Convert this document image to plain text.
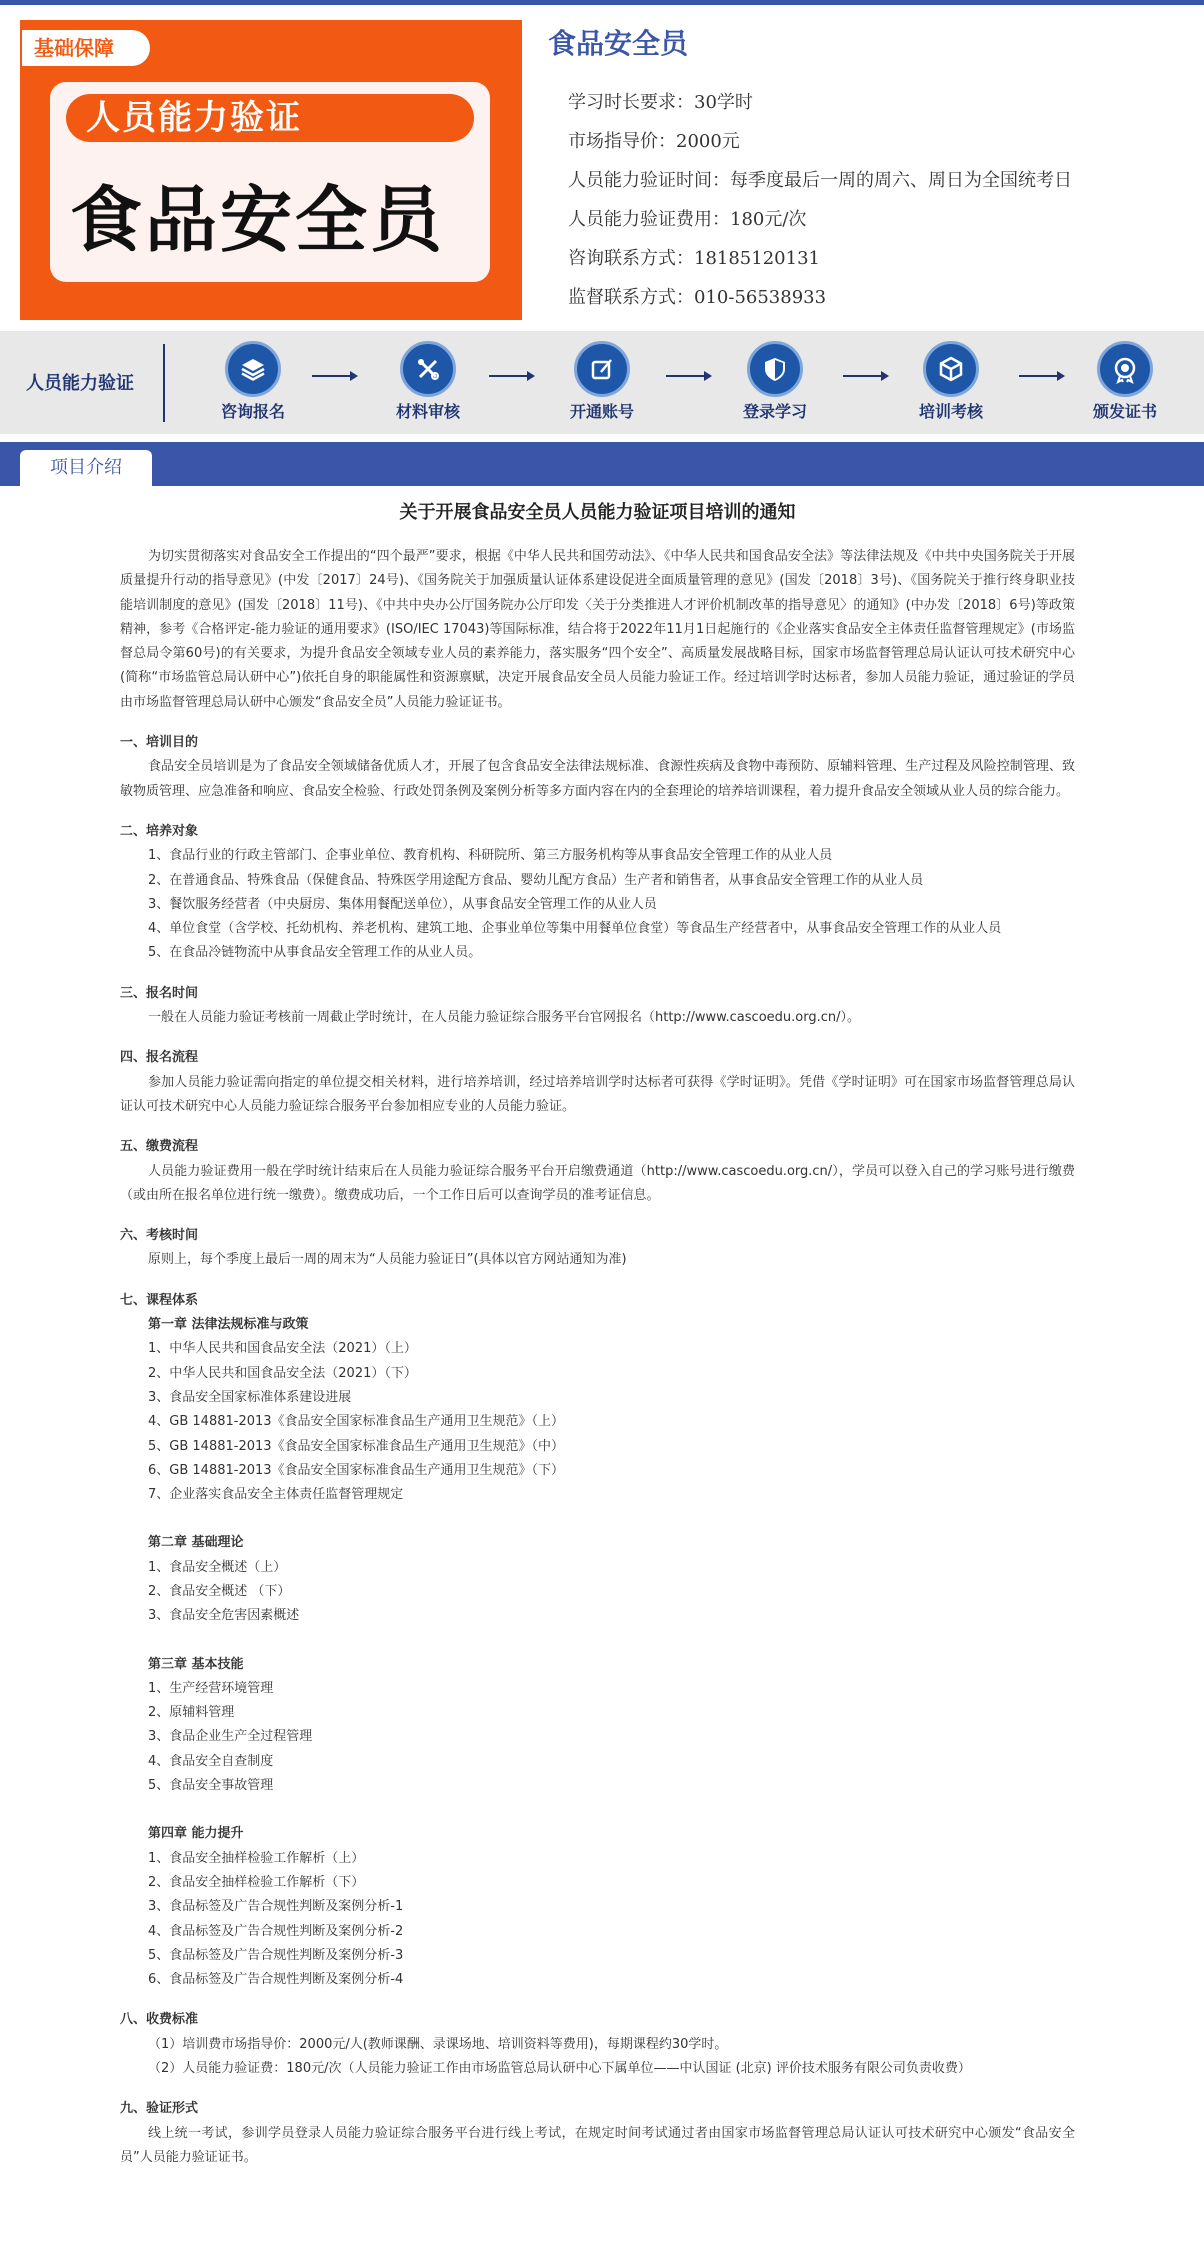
基础保障
人员能力验证
食品安全员
食品安全员
学习时长要求：30学时
市场指导价：2000元
人员能力验证时间：每季度最后一周的周六、周日为全国统考日
人员能力验证费用：180元/次
咨询联系方式：18185120131
监督联系方式：010-56538933
人员能力验证
咨询报名	材料审核	开通账号	登录学习	培训考核	颁发证书
项目介绍
关于开展食品安全员人员能力验证项目培训的通知
为切实贯彻落实对食品安全工作提出的“四个最严”要求，根据《中华人民共和国劳动法》、《中华人民共和国食品安全法》等法律法规及《中共中央国务院关于开展质量提升行动的指导意见》(中发〔2017〕24号)、《国务院关于加强质量认证体系建设促进全面质量管理的意见》(国发〔2018〕3号)、《国务院关于推行终身职业技能培训制度的意见》(国发〔2018〕11号)、《中共中央办公厅国务院办公厅印发〈关于分类推进人才评价机制改革的指导意见〉的通知》(中办发〔2018〕6号)等政策精神，参考《合格评定-能力验证的通用要求》(ISO/IEC 17043)等国际标准，结合将于2022年11月1日起施行的《企业落实食品安全主体责任监督管理规定》(市场监督总局令第60号)的有关要求，为提升食品安全领域专业人员的素养能力，落实服务“四个安全”、高质量发展战略目标，国家市场监督管理总局认证认可技术研究中心(简称“市场监管总局认研中心”)依托自身的职能属性和资源禀赋，决定开展食品安全员人员能力验证工作。经过培训学时达标者，参加人员能力验证，通过验证的学员由市场监督管理总局认研中心颁发“食品安全员”人员能力验证证书。
一、培训目的
食品安全员培训是为了食品安全领域储备优质人才，开展了包含食品安全法律法规标准、食源性疾病及食物中毒预防、原辅料管理、生产过程及风险控制管理、致敏物质管理、应急准备和响应、食品安全检验、行政处罚条例及案例分析等多方面内容在内的全套理论的培养培训课程，着力提升食品安全领域从业人员的综合能力。
二、培养对象
1、食品行业的行政主管部门、企事业单位、教育机构、科研院所、第三方服务机构等从事食品安全管理工作的从业人员
2、在普通食品、特殊食品（保健食品、特殊医学用途配方食品、婴幼儿配方食品）生产者和销售者，从事食品安全管理工作的从业人员
3、餐饮服务经营者（中央厨房、集体用餐配送单位），从事食品安全管理工作的从业人员
4、单位食堂（含学校、托幼机构、养老机构、建筑工地、企事业单位等集中用餐单位食堂）等食品生产经营者中，从事食品安全管理工作的从业人员
5、在食品冷链物流中从事食品安全管理工作的从业人员。
三、报名时间
一般在人员能力验证考核前一周截止学时统计，在人员能力验证综合服务平台官网报名（http://www.cascoedu.org.cn/）。
四、报名流程
参加人员能力验证需向指定的单位提交相关材料，进行培养培训，经过培养培训学时达标者可获得《学时证明》。凭借《学时证明》可在国家市场监督管理总局认证认可技术研究中心人员能力验证综合服务平台参加相应专业的人员能力验证。
五、缴费流程
人员能力验证费用一般在学时统计结束后在人员能力验证综合服务平台开启缴费通道（http://www.cascoedu.org.cn/），学员可以登入自己的学习账号进行缴费（或由所在报名单位进行统一缴费）。缴费成功后，一个工作日后可以查询学员的准考证信息。
六、考核时间
原则上，每个季度上最后一周的周末为“人员能力验证日”(具体以官方网站通知为准)
七、课程体系
第一章 法律法规标准与政策
1、中华人民共和国食品安全法（2021）（上）
2、中华人民共和国食品安全法（2021）（下）
3、食品安全国家标准体系建设进展
4、GB 14881-2013《食品安全国家标准食品生产通用卫生规范》（上）
5、GB 14881-2013《食品安全国家标准食品生产通用卫生规范》（中）
6、GB 14881-2013《食品安全国家标准食品生产通用卫生规范》（下）
7、企业落实食品安全主体责任监督管理规定
第二章 基础理论
1、食品安全概述（上）
2、食品安全概述 （下）
3、食品安全危害因素概述
第三章 基本技能
1、生产经营环境管理
2、原辅料管理
3、食品企业生产全过程管理
4、食品安全自查制度
5、食品安全事故管理
第四章 能力提升
1、食品安全抽样检验工作解析（上）
2、食品安全抽样检验工作解析（下）
3、食品标签及广告合规性判断及案例分析-1
4、食品标签及广告合规性判断及案例分析-2
5、食品标签及广告合规性判断及案例分析-3
6、食品标签及广告合规性判断及案例分析-4
八、收费标准
（1）培训费市场指导价：2000元/人(教师课酬、录课场地、培训资料等费用)，每期课程约30学时。
（2）人员能力验证费：180元/次（人员能力验证工作由市场监管总局认研中心下属单位——中认国证 (北京) 评价技术服务有限公司负责收费）
九、验证形式
线上统一考试，参训学员登录人员能力验证综合服务平台进行线上考试，在规定时间考试通过者由国家市场监督管理总局认证认可技术研究中心颁发“食品安全员”人员能力验证证书。
